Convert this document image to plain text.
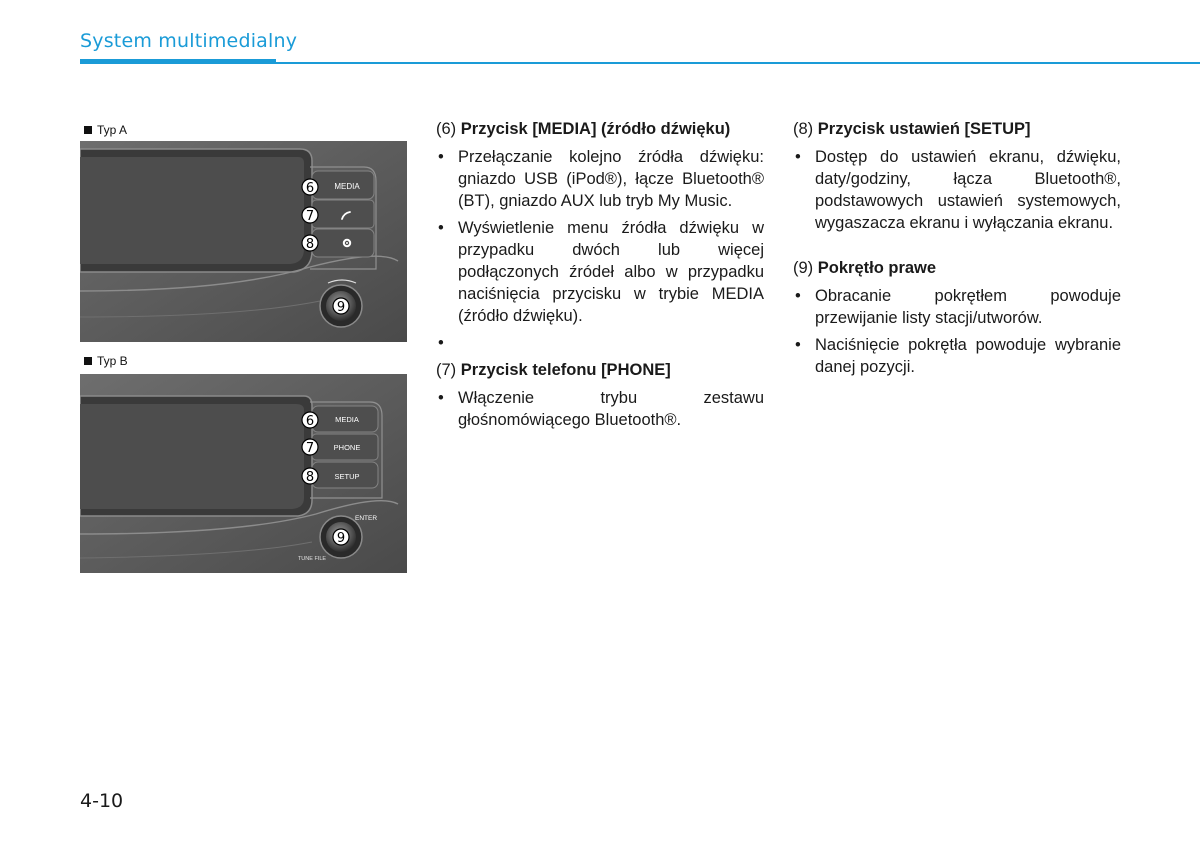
System multimedialny
Typ A
MEDIA
6
7
8
9
Typ B
MEDIA
PHONE
SETUP
6
7
8
ENTER
TUNE FILE
9
(6) Przycisk [MEDIA] (źródło dźwięku)
• Przełączanie kolejno źródła dźwięku: gniazdo USB (iPod®), łącze Bluetooth® (BT), gniazdo AUX lub tryb My Music.
• Wyświetlenie menu źródła dźwięku w przypadku dwóch lub więcej podłączonych źródeł albo w przypadku naciśnięcia przycisku w trybie MEDIA (źródło dźwięku).
•
(7) Przycisk telefonu [PHONE]
• Włączenie trybu zestawu głośnomówiącego Bluetooth®.
(8) Przycisk ustawień [SETUP]
• Dostęp do ustawień ekranu, dźwięku, daty/godziny, łącza Bluetooth®, podstawowych ustawień systemowych, wygaszacza ekranu i wyłączania ekranu.
(9) Pokrętło prawe
• Obracanie pokrętłem powoduje przewijanie listy stacji/utworów.
• Naciśnięcie pokrętła powoduje wybranie danej pozycji.
4-10
